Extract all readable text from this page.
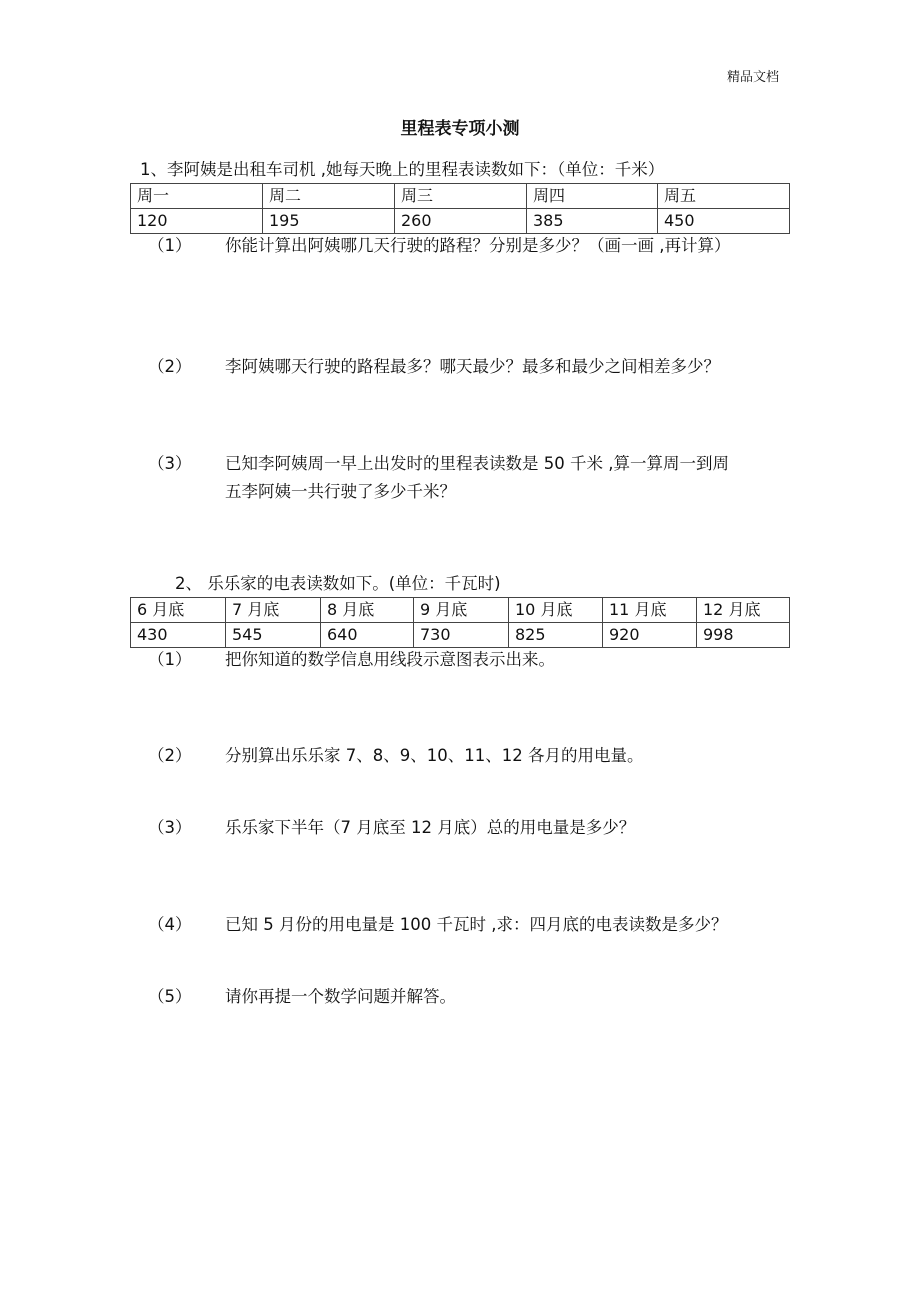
精品文档
里程表专项小测
1、李阿姨是出租车司机 ,她每天晚上的里程表读数如下：（单位：千米）
周一	周二	周三	周四	周五
120	195	260	385	450
（1） 你能计算出阿姨哪几天行驶的路程？分别是多少？（画一画 ,再计算）
（2） 李阿姨哪天行驶的路程最多？哪天最少？最多和最少之间相差多少？
（3） 已知李阿姨周一早上出发时的里程表读数是 50 千米 ,算一算周一到周
五李阿姨一共行驶了多少千米？
2、 乐乐家的电表读数如下。(单位：千瓦时)
6 月底	7 月底	8 月底	9 月底	10 月底	11 月底	12 月底
430	545	640	730	825	920	998
（1） 把你知道的数学信息用线段示意图表示出来。
（2） 分别算出乐乐家 7、8、9、10、11、12 各月的用电量。
（3） 乐乐家下半年（7 月底至 12 月底）总的用电量是多少？
（4） 已知 5 月份的用电量是 100 千瓦时 ,求：四月底的电表读数是多少？
（5） 请你再提一个数学问题并解答。
